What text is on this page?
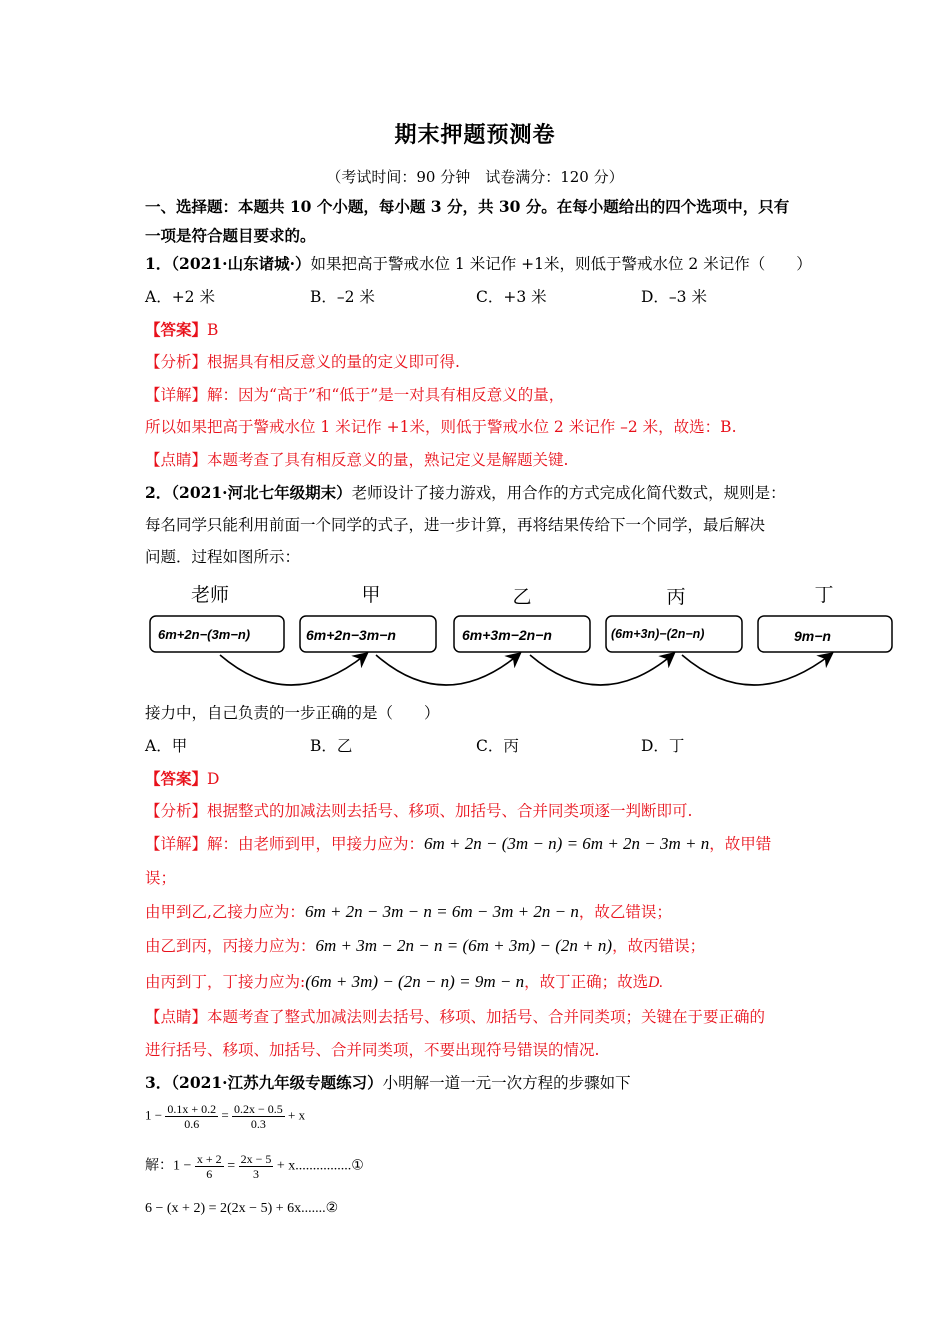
期末押题预测卷
（考试时间：90 分钟　试卷满分：120 分）
一、选择题：本题共 10 个小题，每小题 3 分，共 30 分。在每小题给出的四个选项中，只有
一项是符合题目要求的。
1．（2021·山东诸城·）如果把高于警戒水位 1 米记作 +1米，则低于警戒水位 2 米记作（　　）
A．+2 米	B．–2 米	C．+3 米	D．–3 米
【答案】B
【分析】根据具有相反意义的量的定义即可得.
【详解】解：因为“高于”和“低于”是一对具有相反意义的量，
所以如果把高于警戒水位 1 米记作 +1米，则低于警戒水位 2 米记作 –2 米，故选：B.
【点睛】本题考查了具有相反意义的量，熟记定义是解题关键.
2．（2021·河北七年级期末）老师设计了接力游戏，用合作的方式完成化简代数式，规则是：
每名同学只能利用前面一个同学的式子，进一步计算，再将结果传给下一个同学，最后解决
问题．过程如图所示：
老师	甲	乙	丙	丁
6m+2n−(3m−n)	6m+2n−3m−n	6m+3m−2n−n	(6m+3n)−(2n−n)	9m−n
接力中，自己负责的一步正确的是（　　）
A．甲	B．乙	C．丙	D．丁
【答案】D
【分析】根据整式的加减法则去括号、移项、加括号、合并同类项逐一判断即可.
【详解】解：由老师到甲，甲接力应为：6m + 2n − (3m − n) = 6m + 2n − 3m + n，故甲错
误；
由甲到乙,乙接力应为：6m + 2n − 3m − n = 6m − 3m + 2n − n，故乙错误；
由乙到丙，丙接力应为：6m + 3m − 2n − n = (6m + 3m) − (2n + n)，故丙错误；
由丙到丁，丁接力应为:(6m + 3m) − (2n − n) = 9m − n，故丁正确；故选D.
【点睛】本题考查了整式加减法则去括号、移项、加括号、合并同类项；关键在于要正确的
进行括号、移项、加括号、合并同类项，不要出现符号错误的情况.
3．（2021·江苏九年级专题练习）小明解一道一元一次方程的步骤如下
$1 - \frac{0.1x + 0.2}{0.6} = \frac{0.2x - 0.5}{0.3} + x$
解：$1 - \frac{x + 2}{6} = \frac{2x - 5}{3}$ + x................①
6 − (x + 2) = 2(2x − 5) + 6x.......②
